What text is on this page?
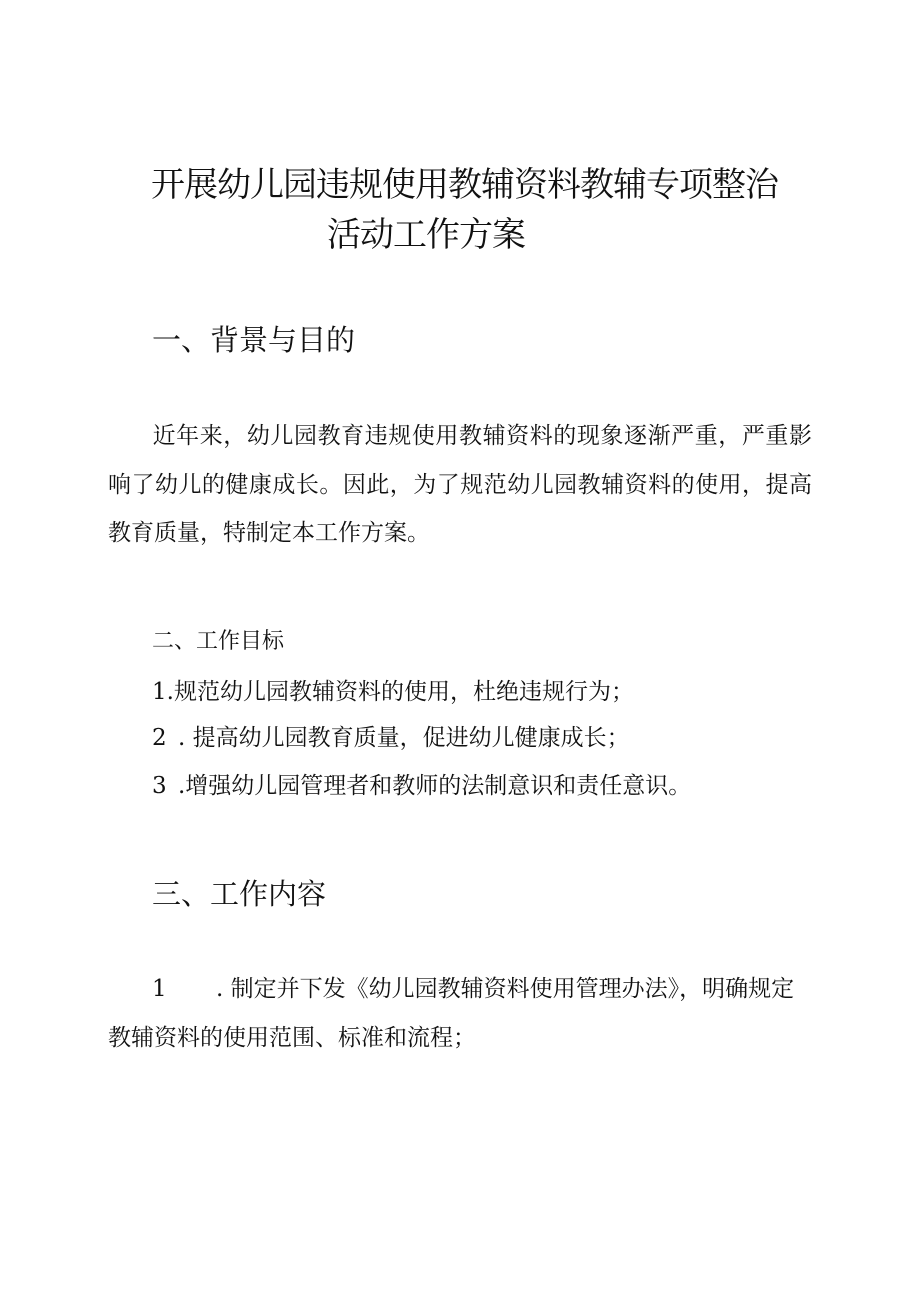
开展幼儿园违规使用教辅资料教辅专项整治
活动工作方案
一、背景与目的
近年来，幼儿园教育违规使用教辅资料的现象逐渐严重，严重影响了幼儿的健康成长。因此，为了规范幼儿园教辅资料的使用，提高教育质量，特制定本工作方案。
二、工作目标
1.规范幼儿园教辅资料的使用，杜绝违规行为；
2 . 提高幼儿园教育质量，促进幼儿健康成长；
3 .增强幼儿园管理者和教师的法制意识和责任意识。
三、工作内容
1 . 制定并下发《幼儿园教辅资料使用管理办法》，明确规定教辅资料的使用范围、标准和流程；
